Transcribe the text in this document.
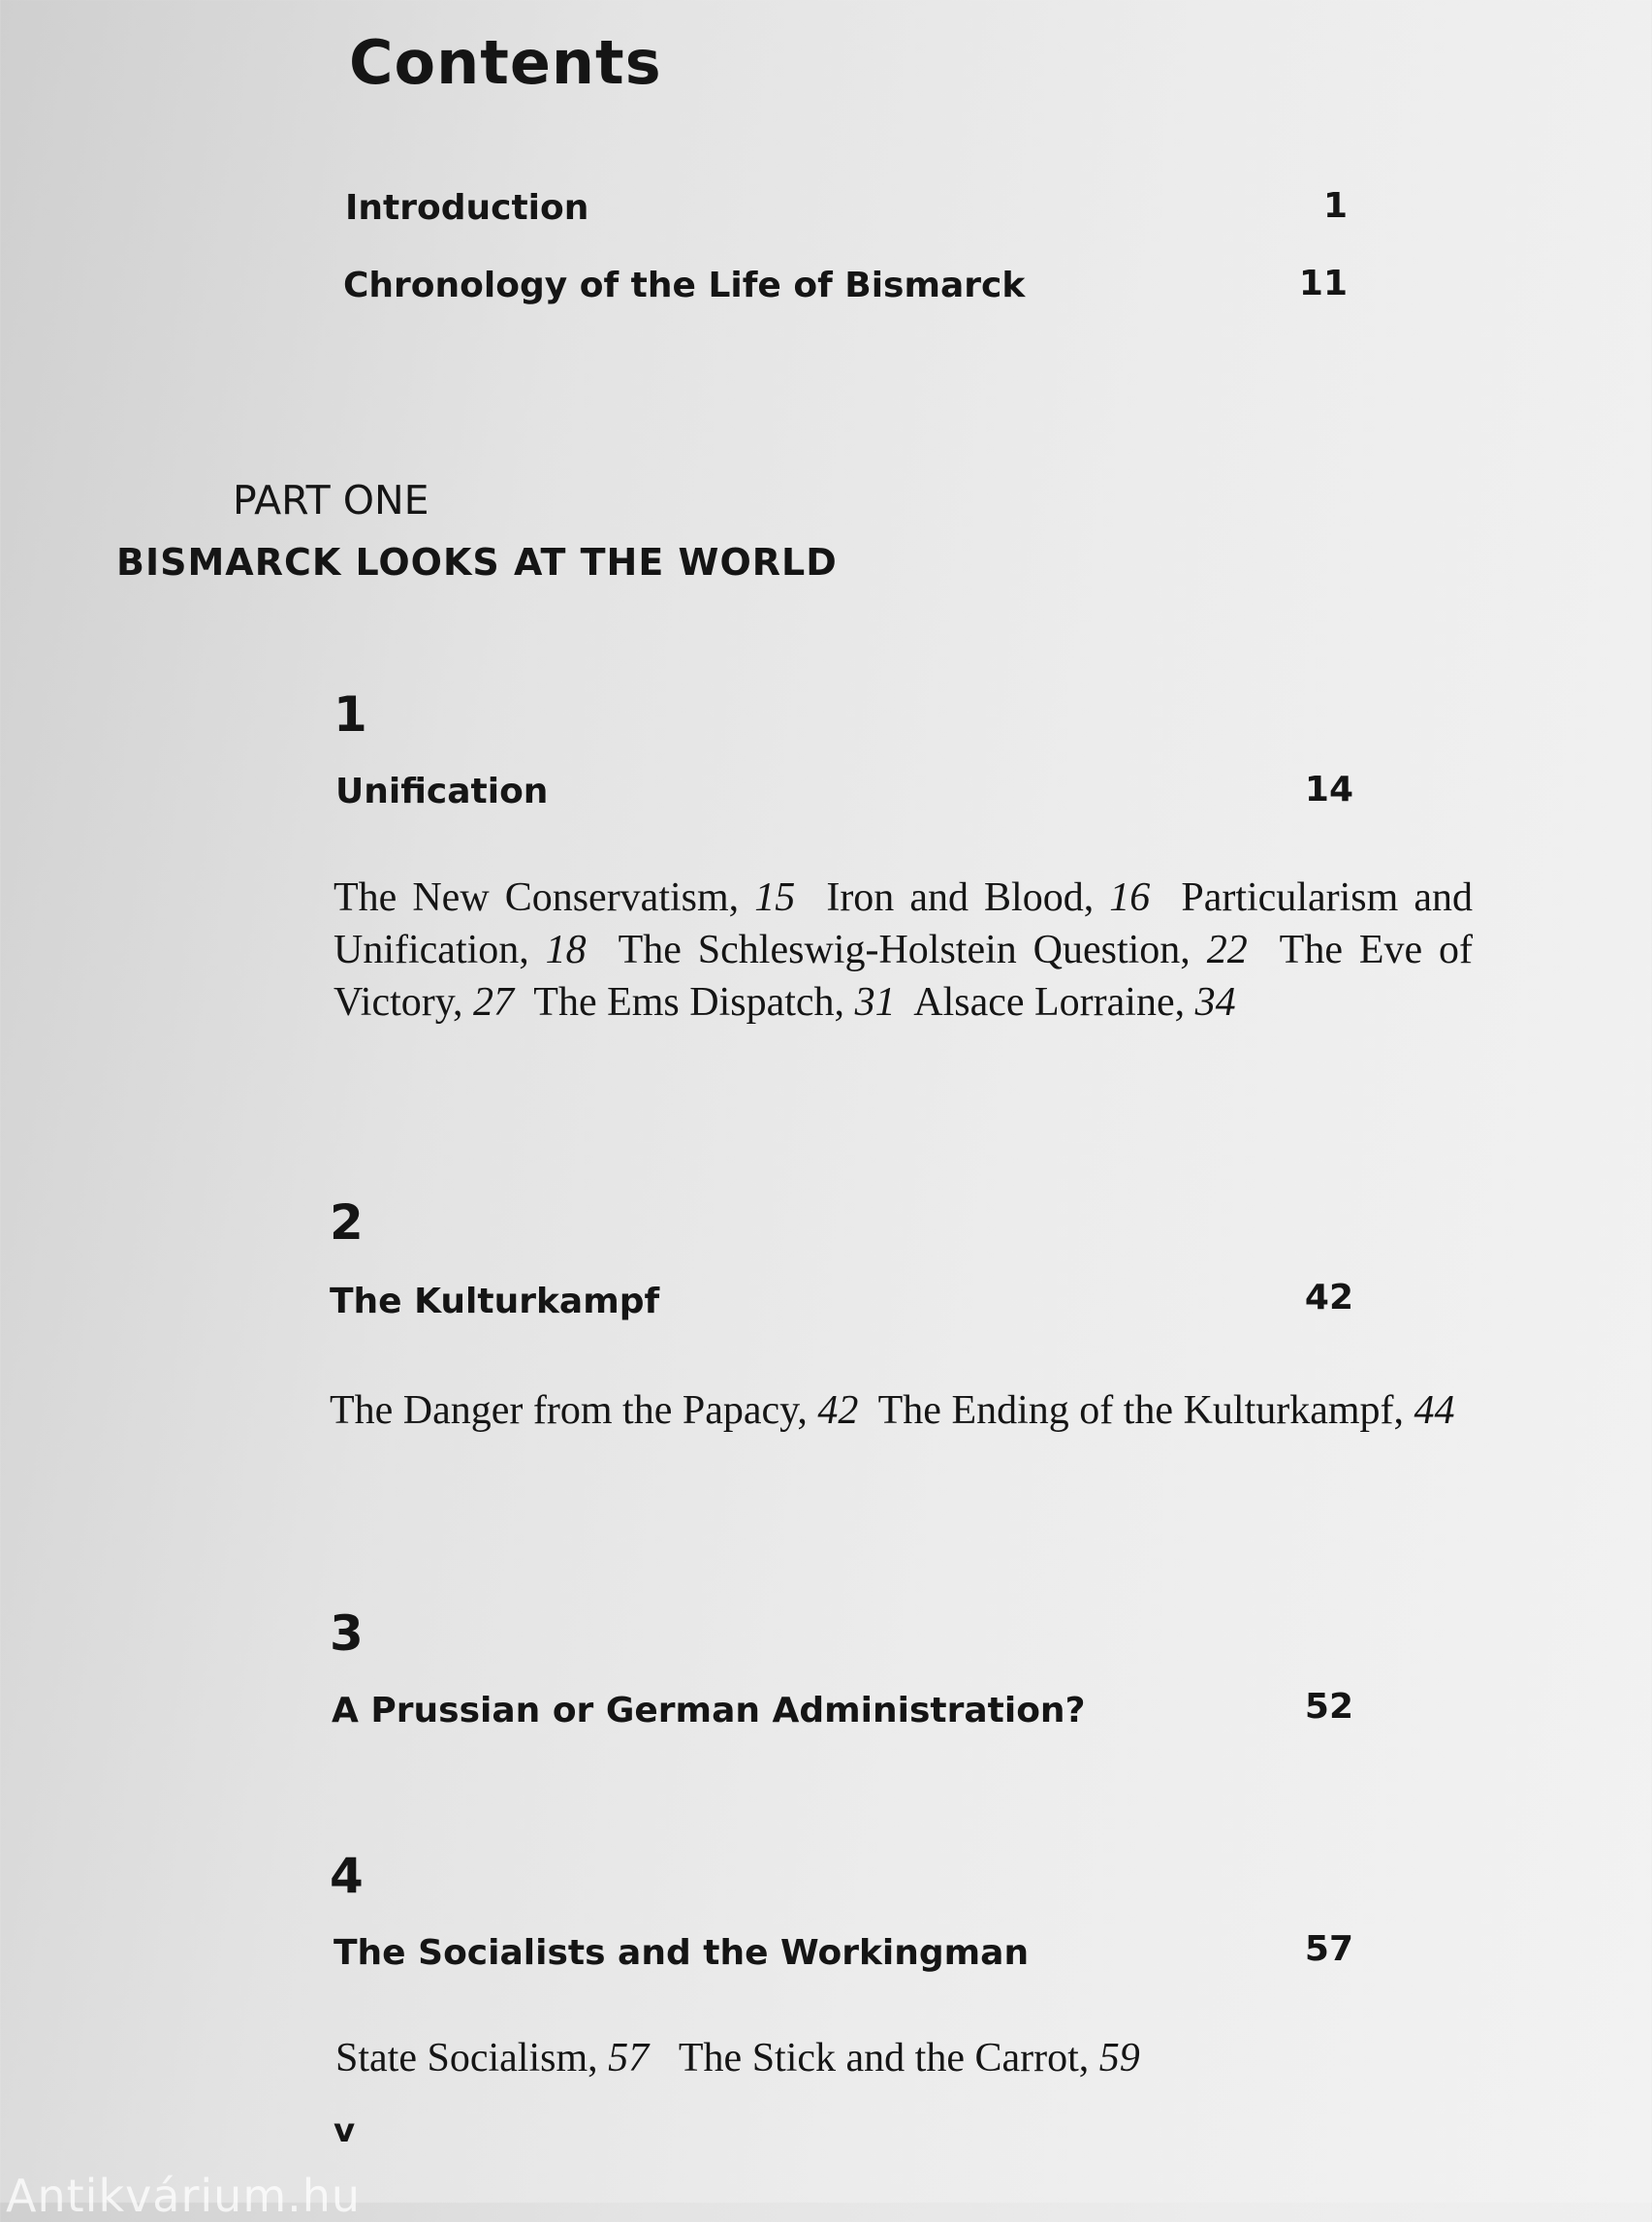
Contents
Introduction	1
Chronology of the Life of Bismarck	11
PART ONE
BISMARCK LOOKS AT THE WORLD
1
Unification	14
The New Conservatism, 15 Iron and Blood, 16 Particularism and Unification, 18 The Schleswig-Holstein Question, 22 The Eve of Victory, 27 The Ems Dispatch, 31 Alsace Lorraine, 34
2
The Kulturkampf	42
The Danger from the Papacy, 42 The Ending of the Kulturkampf, 44
3
A Prussian or German Administration?	52
4
The Socialists and the Workingman	57
State Socialism, 57 The Stick and the Carrot, 59
v
Antikvárium.hu
